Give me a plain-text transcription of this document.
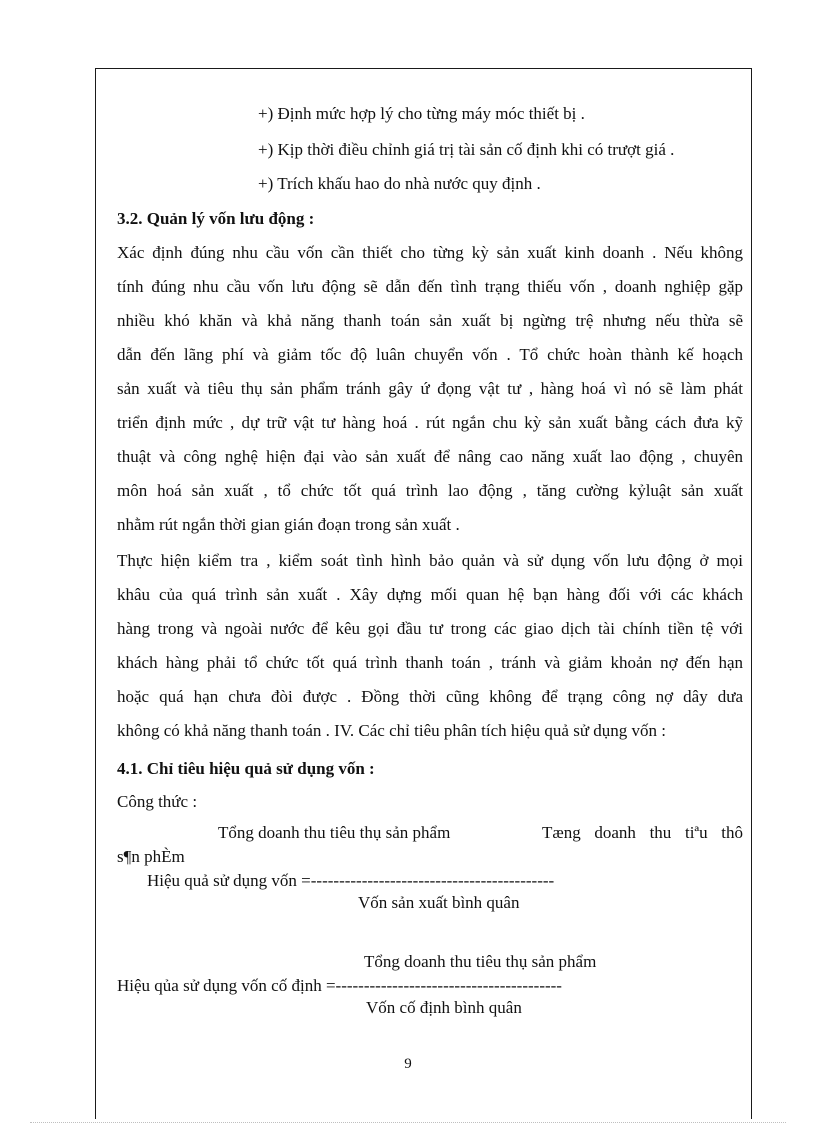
+) Định mức hợp lý cho từng máy móc thiết bị .
+) Kịp thời điều chỉnh giá trị tài sản cố định khi có trượt giá .
+) Trích khấu hao do nhà nước quy định .
3.2. Quản lý vốn lưu động :
Xác định đúng nhu cầu vốn cần thiết cho từng kỳ sản xuất kinh doanh . Nếu không
tính đúng nhu cầu vốn lưu động sẽ dẫn đến tình trạng thiếu vốn , doanh nghiệp gặp
nhiều khó khăn và khả năng thanh toán sản xuất bị ngừng trệ nhưng nếu thừa sẽ
dẫn đến lãng phí và giảm tốc độ luân chuyển vốn . Tổ chức hoàn thành kế hoạch
sản xuất và tiêu thụ sản phẩm tránh gây ứ đọng vật tư , hàng hoá vì nó sẽ làm phát
triển định mức , dự trữ vật tư hàng hoá . rút ngắn chu kỳ sản xuất bằng cách đưa kỹ
thuật và công nghệ hiện đại vào sản xuất để nâng cao năng xuất lao động , chuyên
môn hoá sản xuất , tổ chức tốt quá trình lao động , tăng cường kỷluật sản xuất
nhằm rút ngắn thời gian gián đoạn trong sản xuất .
Thực hiện kiểm tra , kiểm soát tình hình bảo quản và sử dụng vốn lưu động ở mọi
khâu của quá trình sản xuất . Xây dựng mối quan hệ bạn hàng đối với các khách
hàng trong và ngoài nước để kêu gọi đầu tư trong các giao dịch tài chính tiền tệ với
khách hàng phải tổ chức tốt quá trình thanh toán , tránh và giảm khoản nợ đến hạn
hoặc quá hạn chưa đòi được . Đồng thời cũng không để trạng công nợ dây dưa
không có khả năng thanh toán . IV. Các chỉ tiêu phân tích hiệu quả sử dụng vốn :
4.1. Chỉ tiêu hiệu quả sử dụng vốn :
Công thức :
Tổng doanh thu tiêu thụ sản phẩm	Tæng doanh thu tiªu thô
s¶n phÈm
Hiệu quả sử dụng vốn =-------------------------------------------
Vốn sản xuất bình quân
Tổng doanh thu tiêu thụ sản phẩm
Hiệu qủa sử dụng vốn cố định =----------------------------------------
Vốn cố định bình quân
9
